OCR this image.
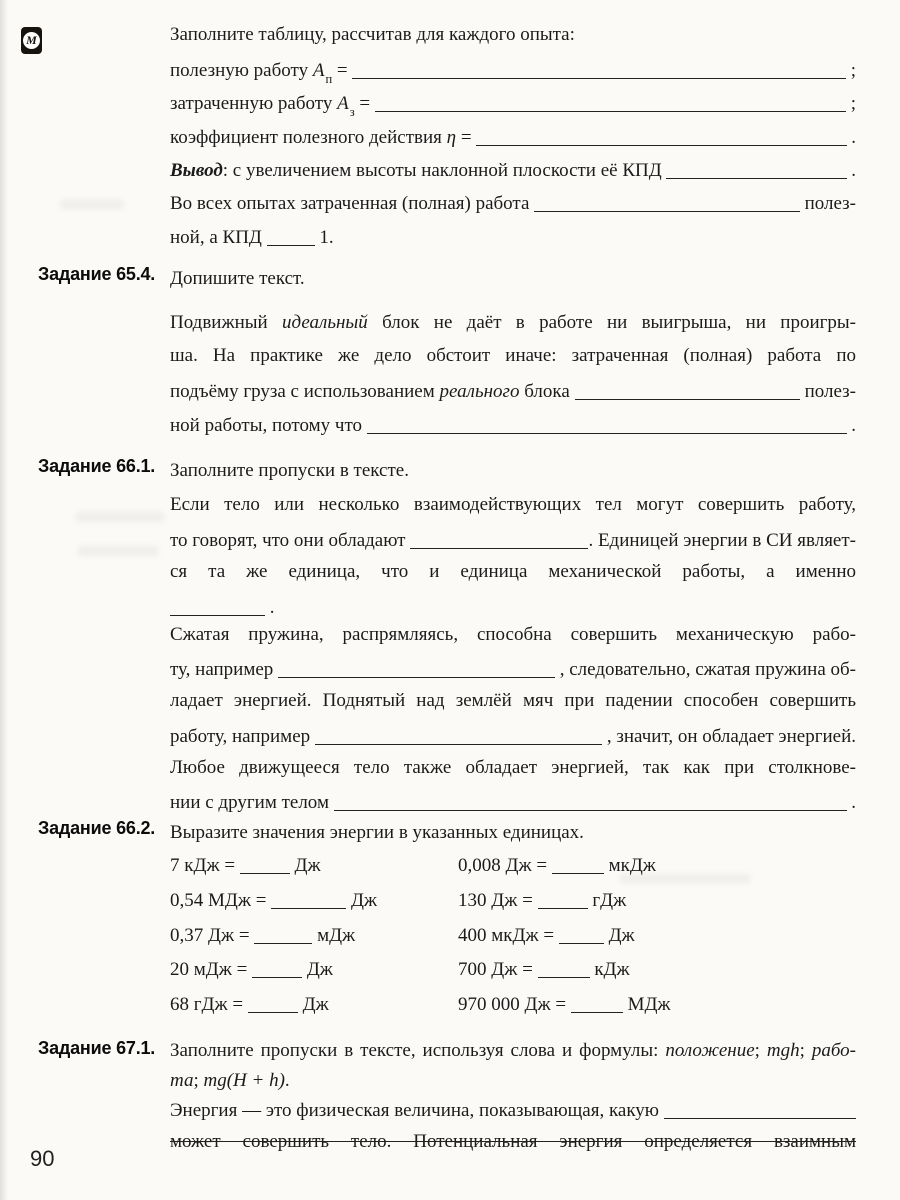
М
Задание 65.4.
Задание 66.1.
Задание 66.2.
Задание 67.1.
Заполните таблицу, рассчитав для каждого опыта:
полезную работу A п =	;
затраченную работу A з =	;
коэффициент полезного действия η =	.
Вывод : с увеличением высоты наклонной плоскости её КПД	.
Во всех опытах затраченная (полная) работа	полез-
ной, а КПД	1.
Допишите текст.
Подвижный идеальный блок не даёт в работе ни выигрыша, ни проигры-
ша. На практике же дело обстоит иначе: затраченная (полная) работа по
подъёму груза с использованием реального блока	полез-
ной работы, потому что	.
Заполните пропуски в тексте.
Если тело или несколько взаимодействующих тел могут совершить работу,
то говорят, что они обладают	. Единицей энергии в СИ являет-
ся та же единица, что и единица механической работы, а именно
.
Сжатая пружина, распрямляясь, способна совершить механическую рабо-
ту, например	, следовательно, сжатая пружина об-
ладает энергией. Поднятый над землёй мяч при падении способен совершить
работу, например	, значит, он обладает энергией.
Любое движущееся тело также обладает энергией, так как при столкнове-
нии с другим телом	.
Выразите значения энергии в указанных единицах.
7 кДж =	Дж	0,008 Дж =	мкДж
0,54 МДж =	Дж	130 Дж =	гДж
0,37 Дж =	мДж	400 мкДж =  Дж
20 мДж =	Дж	700 Дж =	кДж
68 гДж =	Дж	970 000 Дж =	МДж
Заполните пропуски в тексте, используя слова и формулы: положение; mgh; рабо-
та; mg(H + h).
Энергия — это физическая величина, показывающая, какую
может совершить тело. Потенциальная энергия определяется взаимным
90
